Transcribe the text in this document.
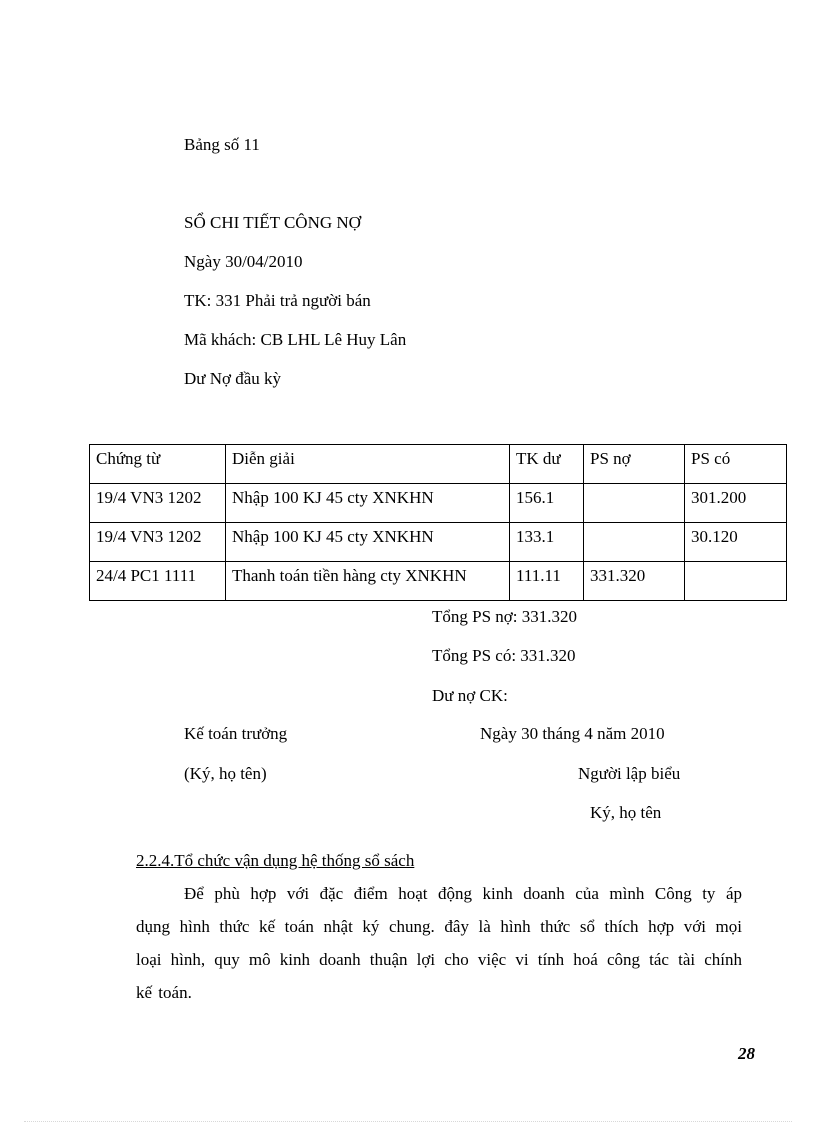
Bảng số 11
SỔ CHI TIẾT CÔNG NỢ
Ngày 30/04/2010
TK: 331 Phải trả người bán
Mã khách: CB LHL Lê Huy Lân
Dư Nợ đầu kỳ
Chứng từ	Diễn giải	TK dư	PS nợ	PS có
19/4 VN3 1202	Nhập 100 KJ 45 cty XNKHN	156.1		301.200
19/4 VN3 1202	Nhập 100 KJ 45 cty XNKHN	133.1		30.120
24/4 PC1 1111	Thanh toán tiền hàng cty XNKHN	111.11	331.320	
Tổng PS nợ: 331.320
Tổng PS có: 331.320
Dư nợ CK:
Kế toán trưởng	Ngày 30 tháng 4 năm 2010
(Ký, họ tên)	Người lập biểu
Ký, họ tên
2.2.4.Tổ chức vận dụng hệ thống sổ sách
Để phù hợp với đặc điểm hoạt động kinh doanh của mình Công ty áp
dụng hình thức kế toán nhật ký chung. đây là hình thức sổ thích hợp với mọi
loại hình, quy mô kinh doanh thuận lợi cho việc vi tính hoá công tác tài chính
kế toán.
28
